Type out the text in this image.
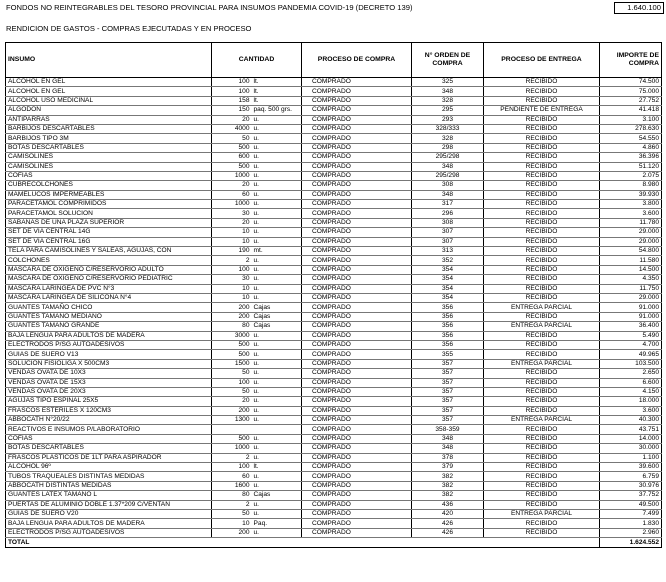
FONDOS NO REINTEGRABLES DEL TESORO PROVINCIAL PARA INSUMOS PANDEMIA COVID-19 (DECRETO 139)	1.640.100
RENDICION DE GASTOS - COMPRAS EJECUTADAS Y EN PROCESO
INSUMO	CANTIDAD		PROCESO DE COMPRA	N° ORDEN DE COMPRA	PROCESO DE ENTREGA	IMPORTE DE COMPRA
ALCOHOL EN GEL	100	lt.	COMPRADO	325	RECIBIDO	74.500
ALCOHOL EN GEL	100	lt.	COMPRADO	348	RECIBIDO	75.000
ALCOHOL USO MEDICINAL	158	lt.	COMPRADO	328	RECIBIDO	27.752
ALGODÓN	150	paq. 500 grs.	COMPRADO	295	PENDIENTE DE ENTREGA	41.418
ANTIPARRAS	20	u.	COMPRADO	293	RECIBIDO	3.100
BARBIJOS DESCARTABLES	4000	u.	COMPRADO	328/333	RECIBIDO	278.630
BARBIJOS TIPO 3M	50	u.	COMPRADO	328	RECIBIDO	54.550
BOTAS DESCARTABLES	500	u.	COMPRADO	298	RECIBIDO	4.860
CAMISOLINES	600	u.	COMPRADO	295/298	RECIBIDO	36.396
CAMISOLINES	500	u.	COMPRADO	348	RECIBIDO	51.120
COFIAS	1000	u.	COMPRADO	295/298	RECIBIDO	2.075
CUBRECOLCHONES	20	u.	COMPRADO	308	RECIBIDO	8.980
MAMELUCOS IMPERMEABLES	60	u.	COMPRADO	348	RECIBIDO	39.930
PARACETAMOL COMPRIMIDOS	1000	u.	COMPRADO	317	RECIBIDO	3.800
PARACETAMOL SOLUCION	30	u.	COMPRADO	296	RECIBIDO	3.600
SABANAS DE UNA PLAZA SUPERIOR	20	u.	COMPRADO	308	RECIBIDO	11.780
SET DE VIA CENTRAL 14G	10	u.	COMPRADO	307	RECIBIDO	29.000
SET DE VIA CENTRAL 16G	10	u.	COMPRADO	307	RECIBIDO	29.000
TELA PARA CAMISOLINES Y SALEAS, AGUJAS, CON	190	mt.	COMPRADO	313	RECIBIDO	54.800
COLCHONES	2	u.	COMPRADO	352	RECIBIDO	11.580
MASCARA DE OXIGENO C/RESERVORIO ADULTO	100	u.	COMPRADO	354	RECIBIDO	14.500
MASCARA DE OXIGENO C/RESERVORIO PEDIATRIC	30	u.	COMPRADO	354	RECIBIDO	4.350
MASCARA LARINGEA DE PVC N°3	10	u.	COMPRADO	354	RECIBIDO	11.750
MASCARA LARINGEA DE SILICONA N°4	10	u.	COMPRADO	354	RECIBIDO	29.000
GUANTES TAMAÑO CHICO	200	Cajas	COMPRADO	356	ENTREGA PARCIAL	91.000
GUANTES TAMAÑO MEDIANO	200	Cajas	COMPRADO	356	RECIBIDO	91.000
GUANTES TAMAÑO GRANDE	80	Cajas	COMPRADO	356	ENTREGA PARCIAL	36.400
BAJA LENGUA PARA ADULTOS DE MADERA	3000	u.	COMPRADO	356	RECIBIDO	5.490
ELECTRODOS P/SG AUTOADESIVOS	500	u.	COMPRADO	356	RECIBIDO	4.700
GUIAS DE SUERO V13	500	u.	COMPRADO	355	RECIBIDO	49.965
SOLUCION FISIOLIGA X 500CM3	1500	u.	COMPRADO	357	ENTREGA PARCIAL	103.500
VENDAS OVATA DE 10X3	50	u.	COMPRADO	357	RECIBIDO	2.650
VENDAS OVATA DE 15X3	100	u.	COMPRADO	357	RECIBIDO	6.600
VENDAS OVATA DE 20X3	50	u.	COMPRADO	357	RECIBIDO	4.150
AGUJAS TIPO ESPINAL 25X5	20	u.	COMPRADO	357	RECIBIDO	18.000
FRASCOS ESTERILES X 120CM3	200	u.	COMPRADO	357	RECIBIDO	3.600
ABBOCATH N°20/22	1300	u.	COMPRADO	357	ENTREGA PARCIAL	40.300
REACTIVOS E INSUMOS P/LABORATORIO			COMPRADO	358-359	RECIBIDO	43.751
COFIAS	500	u.	COMPRADO	348	RECIBIDO	14.000
BOTAS DESCARTABLES	1000	u.	COMPRADO	348	RECIBIDO	30.000
FRASCOS PLASTICOS DE 1LT PARA ASPIRADOR	2	u.	COMPRADO	378	RECIBIDO	1.100
ALCOHOL 96º	100	lt.	COMPRADO	379	RECIBIDO	39.600
TUBOS TRAQUEALES DISTINTAS MEDIDAS	60	u.	COMPRADO	382	RECIBIDO	6.759
ABBOCATH DISTINTAS MEDIDAS	1600	u.	COMPRADO	382	RECIBIDO	30.976
GUANTES LATEX TAMAÑO L	80	Cajas	COMPRADO	382	RECIBIDO	37.752
PUERTAS DE ALUMINIO DOBLE 1.37*209 C/VENTAN	2	u.	COMPRADO	436	RECIBIDO	49.500
GUIAS DE SUERO V20	50	u.	COMPRADO	420	ENTREGA PARCIAL	7.499
BAJA LENGUA PARA ADULTOS DE MADERA	10	Paq.	COMPRADO	426	RECIBIDO	1.830
ELECTRODOS P/SG AUTOADESIVOS	200	u.	COMPRADO	426	RECIBIDO	2.960
TOTAL						1.624.552
